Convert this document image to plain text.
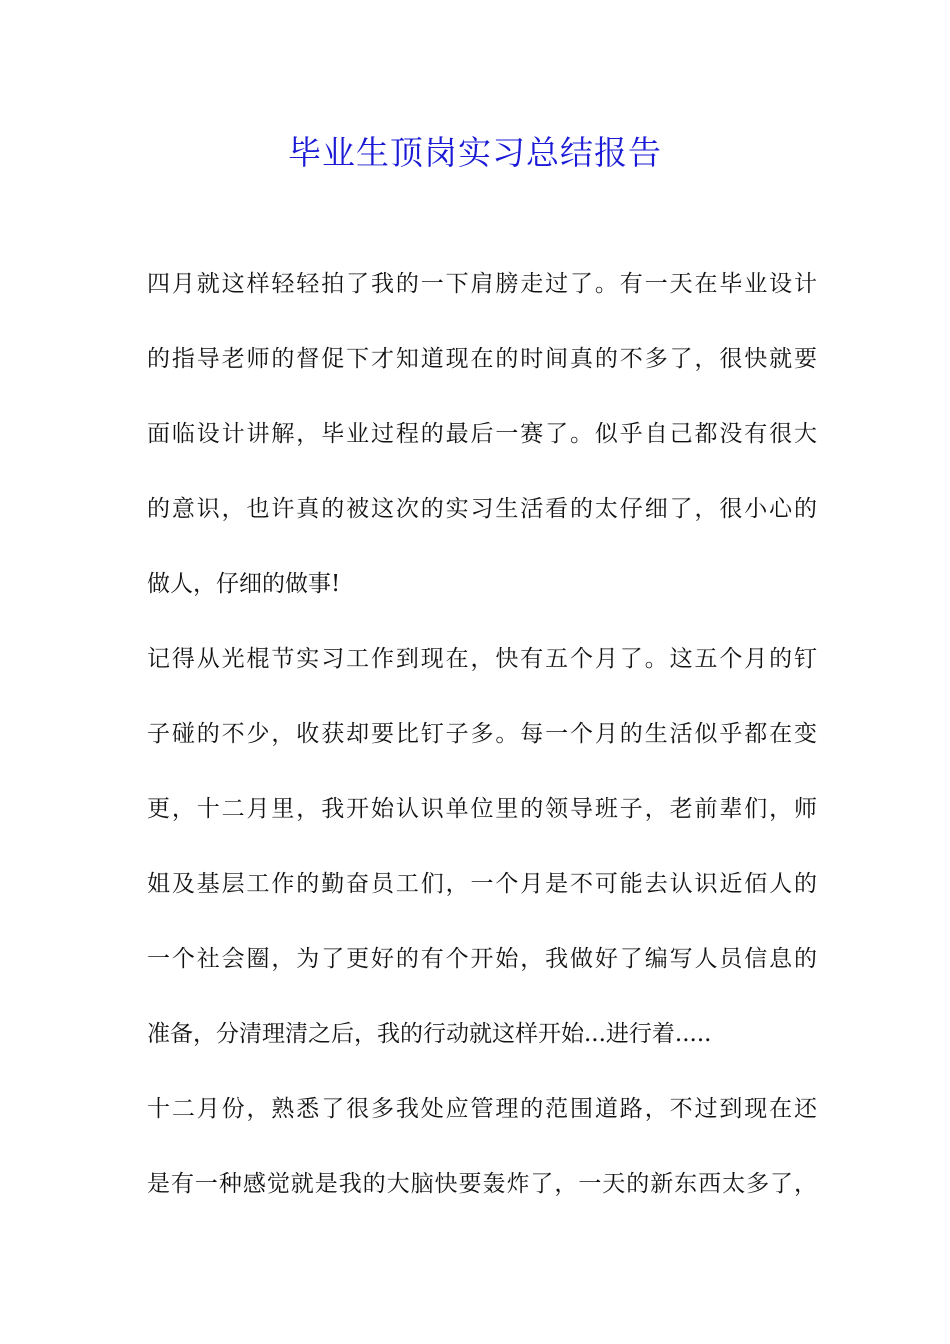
毕业生顶岗实习总结报告
四月就这样轻轻拍了我的一下肩膀走过了。有一天在毕业设计
的指导老师的督促下才知道现在的时间真的不多了，很快就要
面临设计讲解，毕业过程的最后一赛了。似乎自己都没有很大
的意识，也许真的被这次的实习生活看的太仔细了，很小心的
做人，仔细的做事!
记得从光棍节实习工作到现在，快有五个月了。这五个月的钉
子碰的不少，收获却要比钉子多。每一个月的生活似乎都在变
更，十二月里，我开始认识单位里的领导班子，老前辈们，师
姐及基层工作的勤奋员工们，一个月是不可能去认识近佰人的
一个社会圈，为了更好的有个开始，我做好了编写人员信息的
准备，分清理清之后，我的行动就这样开始...进行着.....
十二月份，熟悉了很多我处应管理的范围道路，不过到现在还
是有一种感觉就是我的大脑快要轰炸了，一天的新东西太多了，
